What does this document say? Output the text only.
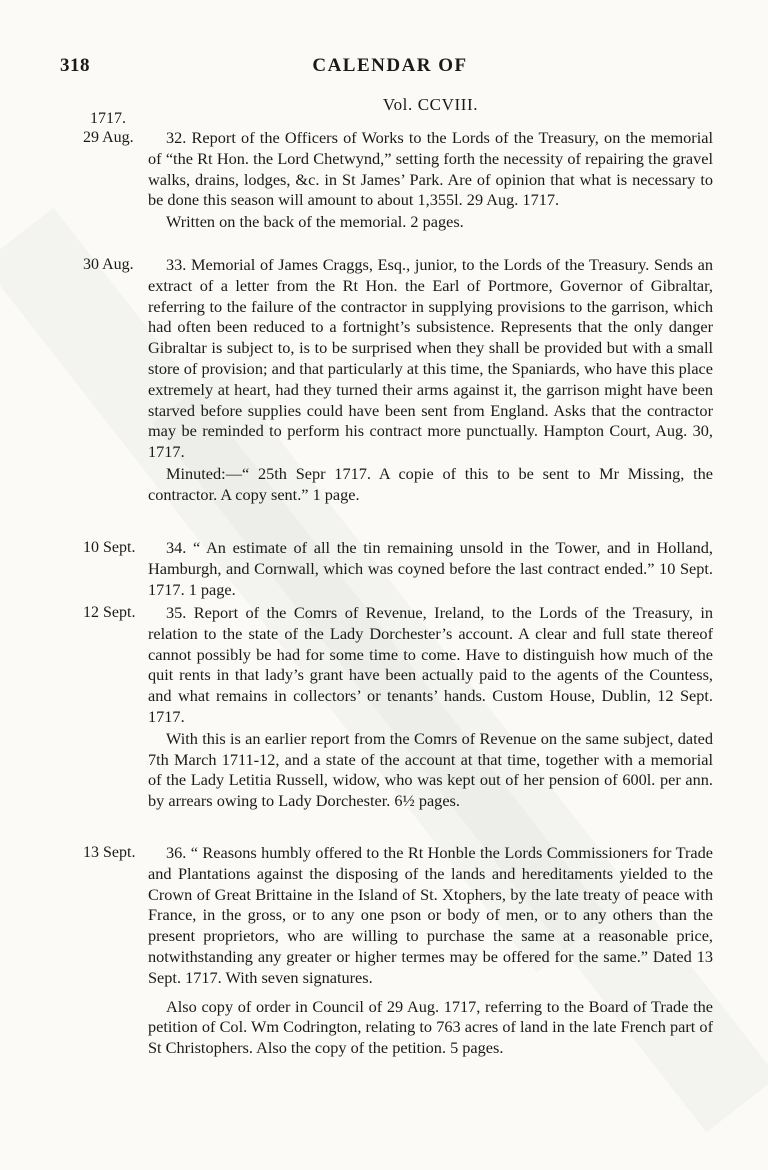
318	CALENDAR OF
Vol. CCVIII.
1717.
29 Aug.	32. Report of the Officers of Works to the Lords of the Treasury, on the memorial of “the Rt Hon. the Lord Chetwynd,” setting forth the necessity of repairing the gravel walks, drains, lodges, &c. in St James’ Park. Are of opinion that what is necessary to be done this season will amount to about 1,355l. 29 Aug. 1717.

Written on the back of the memorial. 2 pages.

30 Aug.	33. Memorial of James Craggs, Esq., junior, to the Lords of the Treasury. Sends an extract of a letter from the Rt Hon. the Earl of Portmore, Governor of Gibraltar, referring to the failure of the contractor in supplying provisions to the garrison, which had often been reduced to a fortnight’s subsistence. Represents that the only danger Gibraltar is subject to, is to be surprised when they shall be provided but with a small store of provision; and that particularly at this time, the Spaniards, who have this place extremely at heart, had they turned their arms against it, the garrison might have been starved before supplies could have been sent from England. Asks that the contractor may be reminded to perform his contract more punctually. Hampton Court, Aug. 30, 1717.

Minuted:—“ 25th Sepr 1717. A copie of this to be sent to Mr Missing, the contractor. A copy sent.” 1 page.

10 Sept.	34. “ An estimate of all the tin remaining unsold in the Tower, and in Holland, Hamburgh, and Cornwall, which was coyned before the last contract ended.” 10 Sept. 1717. 1 page.

12 Sept.	35. Report of the Comrs of Revenue, Ireland, to the Lords of the Treasury, in relation to the state of the Lady Dorchester’s account. A clear and full state thereof cannot possibly be had for some time to come. Have to distinguish how much of the quit rents in that lady’s grant have been actually paid to the agents of the Countess, and what remains in collectors’ or tenants’ hands. Custom House, Dublin, 12 Sept. 1717.

With this is an earlier report from the Comrs of Revenue on the same subject, dated 7th March 1711-12, and a state of the account at that time, together with a memorial of the Lady Letitia Russell, widow, who was kept out of her pension of 600l. per ann. by arrears owing to Lady Dorchester. 6½ pages.

13 Sept.	36. “ Reasons humbly offered to the Rt Honble the Lords Commissioners for Trade and Plantations against the disposing of the lands and hereditaments yielded to the Crown of Great Brittaine in the Island of St. Xtophers, by the late treaty of peace with France, in the gross, or to any one pson or body of men, or to any others than the present proprietors, who are willing to purchase the same at a reasonable price, notwithstanding any greater or higher termes may be offered for the same.” Dated 13 Sept. 1717. With seven signatures.

Also copy of order in Council of 29 Aug. 1717, referring to the Board of Trade the petition of Col. Wm Codrington, relating to 763 acres of land in the late French part of St Christophers. Also the copy of the petition. 5 pages.
